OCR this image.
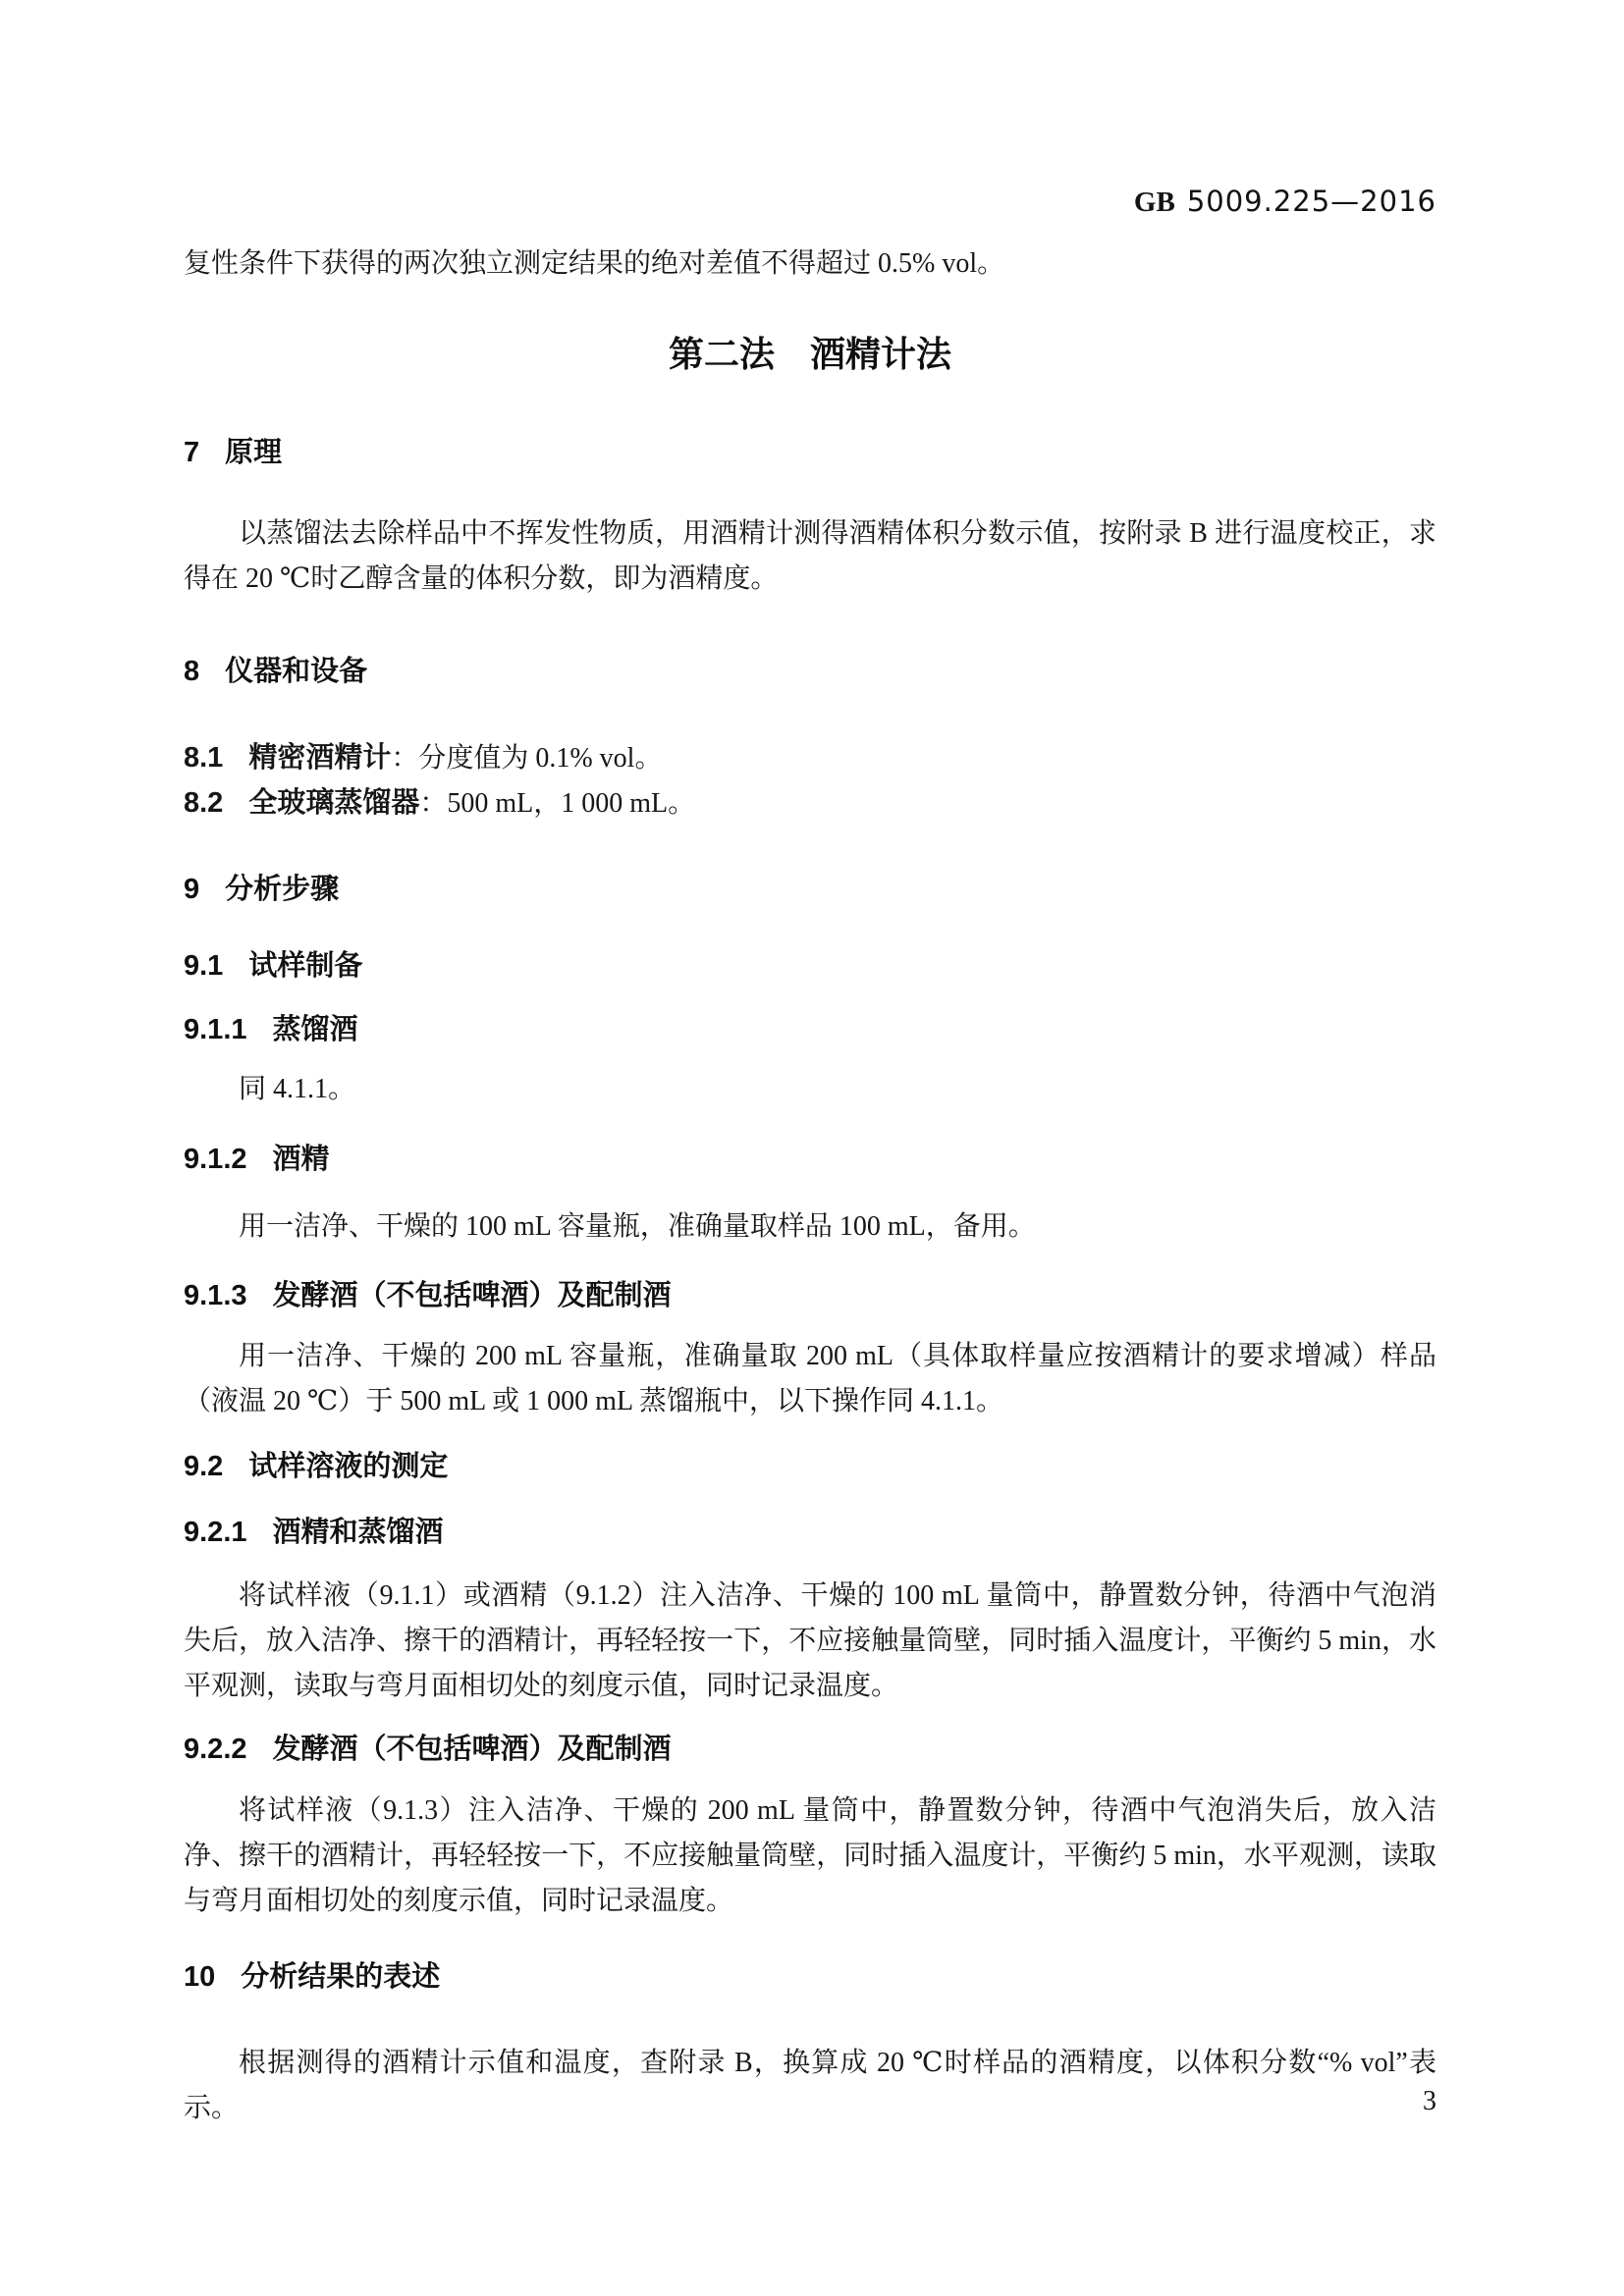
GB 5009.225—2016

复性条件下获得的两次独立测定结果的绝对差值不得超过 0.5% vol。

第二法　酒精计法
7 原理

以蒸馏法去除样品中不挥发性物质，用酒精计测得酒精体积分数示值，按附录 B 进行温度校正，求得在 20 ℃时乙醇含量的体积分数，即为酒精度。

8 仪器和设备

8.1 精密酒精计：分度值为 0.1% vol。

8.2 全玻璃蒸馏器：500 mL，1 000 mL。

9 分析步骤
9.1 试样制备
9.1.1 蒸馏酒

同 4.1.1。

9.1.2 酒精

用一洁净、干燥的 100 mL 容量瓶，准确量取样品 100 mL，备用。

9.1.3 发酵酒（不包括啤酒）及配制酒

用一洁净、干燥的 200 mL 容量瓶，准确量取 200 mL（具体取样量应按酒精计的要求增减）样品（液温 20 ℃）于 500 mL 或 1 000 mL 蒸馏瓶中，以下操作同 4.1.1。

9.2 试样溶液的测定
9.2.1 酒精和蒸馏酒

将试样液（9.1.1）或酒精（9.1.2）注入洁净、干燥的 100 mL 量筒中，静置数分钟，待酒中气泡消失后，放入洁净、擦干的酒精计，再轻轻按一下，不应接触量筒壁，同时插入温度计，平衡约 5 min，水平观测，读取与弯月面相切处的刻度示值，同时记录温度。

9.2.2 发酵酒（不包括啤酒）及配制酒

将试样液（9.1.3）注入洁净、干燥的 200 mL 量筒中，静置数分钟，待酒中气泡消失后，放入洁净、擦干的酒精计，再轻轻按一下，不应接触量筒壁，同时插入温度计，平衡约 5 min，水平观测，读取与弯月面相切处的刻度示值，同时记录温度。

10 分析结果的表述

根据测得的酒精计示值和温度，查附录 B，换算成 20 ℃时样品的酒精度，以体积分数“% vol”表示。	3
